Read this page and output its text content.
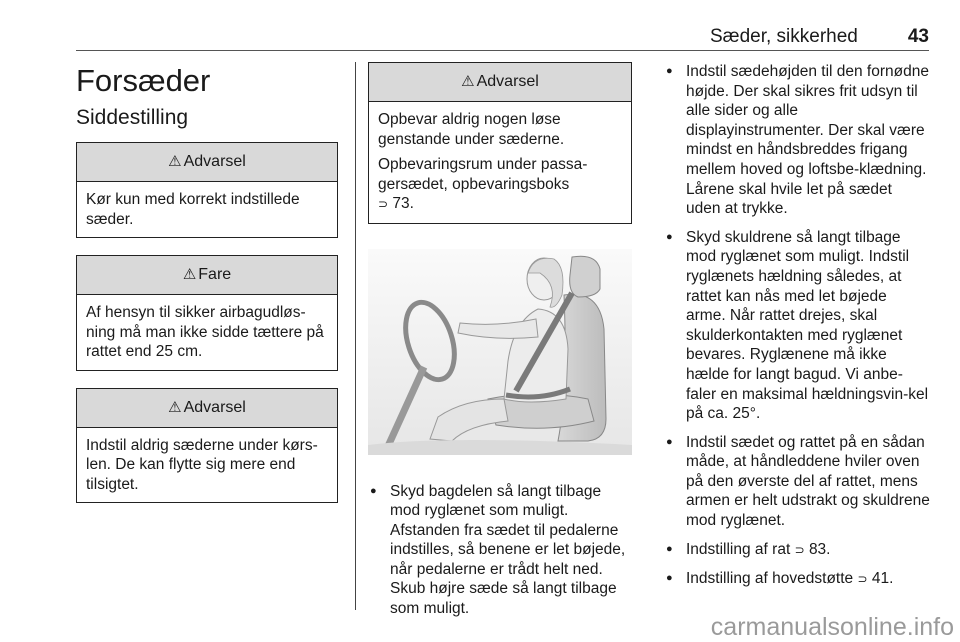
Sæder, sikkerhed	43
Forsæder
Siddestilling
⚠ Advarsel

Kør kun med korrekt indstillede sæder.

⚠ Fare

Af hensyn til sikker airbagudløs-ning må man ikke sidde tættere på rattet end 25 cm.

⚠ Advarsel

Indstil aldrig sæderne under kørs-len. De kan flytte sig mere end tilsigtet.

⚠ Advarsel

Opbevar aldrig nogen løse genstande under sæderne.

Opbevaringsrum under passa-gersædet, opbevaringsboks
⊃ 73.

● Skyd bagdelen så langt tilbage mod ryglænet som muligt. Afstanden fra sædet til pedalerne indstilles, så benene er let bøjede, når pedalerne er trådt helt ned. Skub højre sæde så langt tilbage som muligt.
● Indstil sædehøjden til den fornødne højde. Der skal sikres frit udsyn til alle sider og alle displayinstrumenter. Der skal være mindst en håndsbreddes frigang mellem hoved og loftsbe-klædning. Lårene skal hvile let på sædet uden at trykke.
● Skyd skuldrene så langt tilbage mod ryglænet som muligt. Indstil ryglænets hældning således, at rattet kan nås med let bøjede arme. Når rattet drejes, skal skulderkontakten med ryglænet bevares. Ryglænene må ikke hælde for langt bagud. Vi anbe-faler en maksimal hældningsvin-kel på ca. 25°.
● Indstil sædet og rattet på en sådan måde, at håndleddene hviler oven på den øverste del af rattet, mens armen er helt udstrakt og skuldrene mod ryglænet.
● Indstilling af rat ⊃ 83.
● Indstilling af hovedstøtte ⊃ 41.
carmanualsonline.info
